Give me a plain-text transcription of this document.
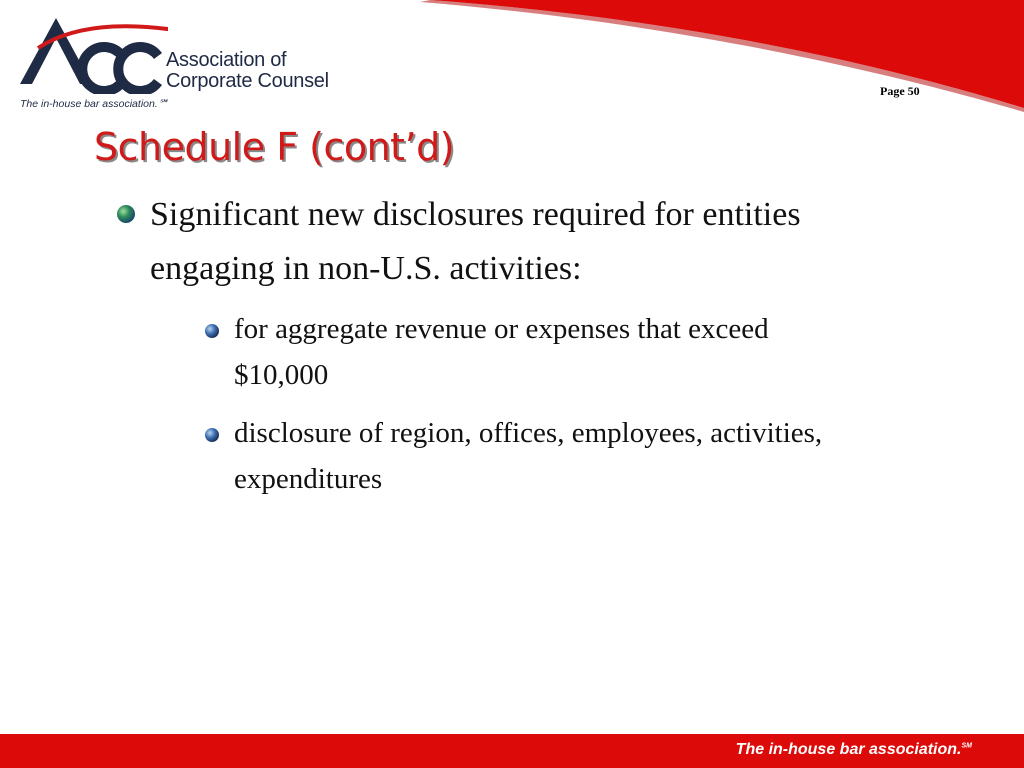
Association of
Corporate Counsel
The in-house bar association.℠
Page 50
Schedule F (cont’d)
Significant new disclosures required for entities engaging in non-U.S. activities:
for aggregate revenue or expenses that exceed $10,000
disclosure of region, offices, employees, activities, expenditures
The in-house bar association.℠
